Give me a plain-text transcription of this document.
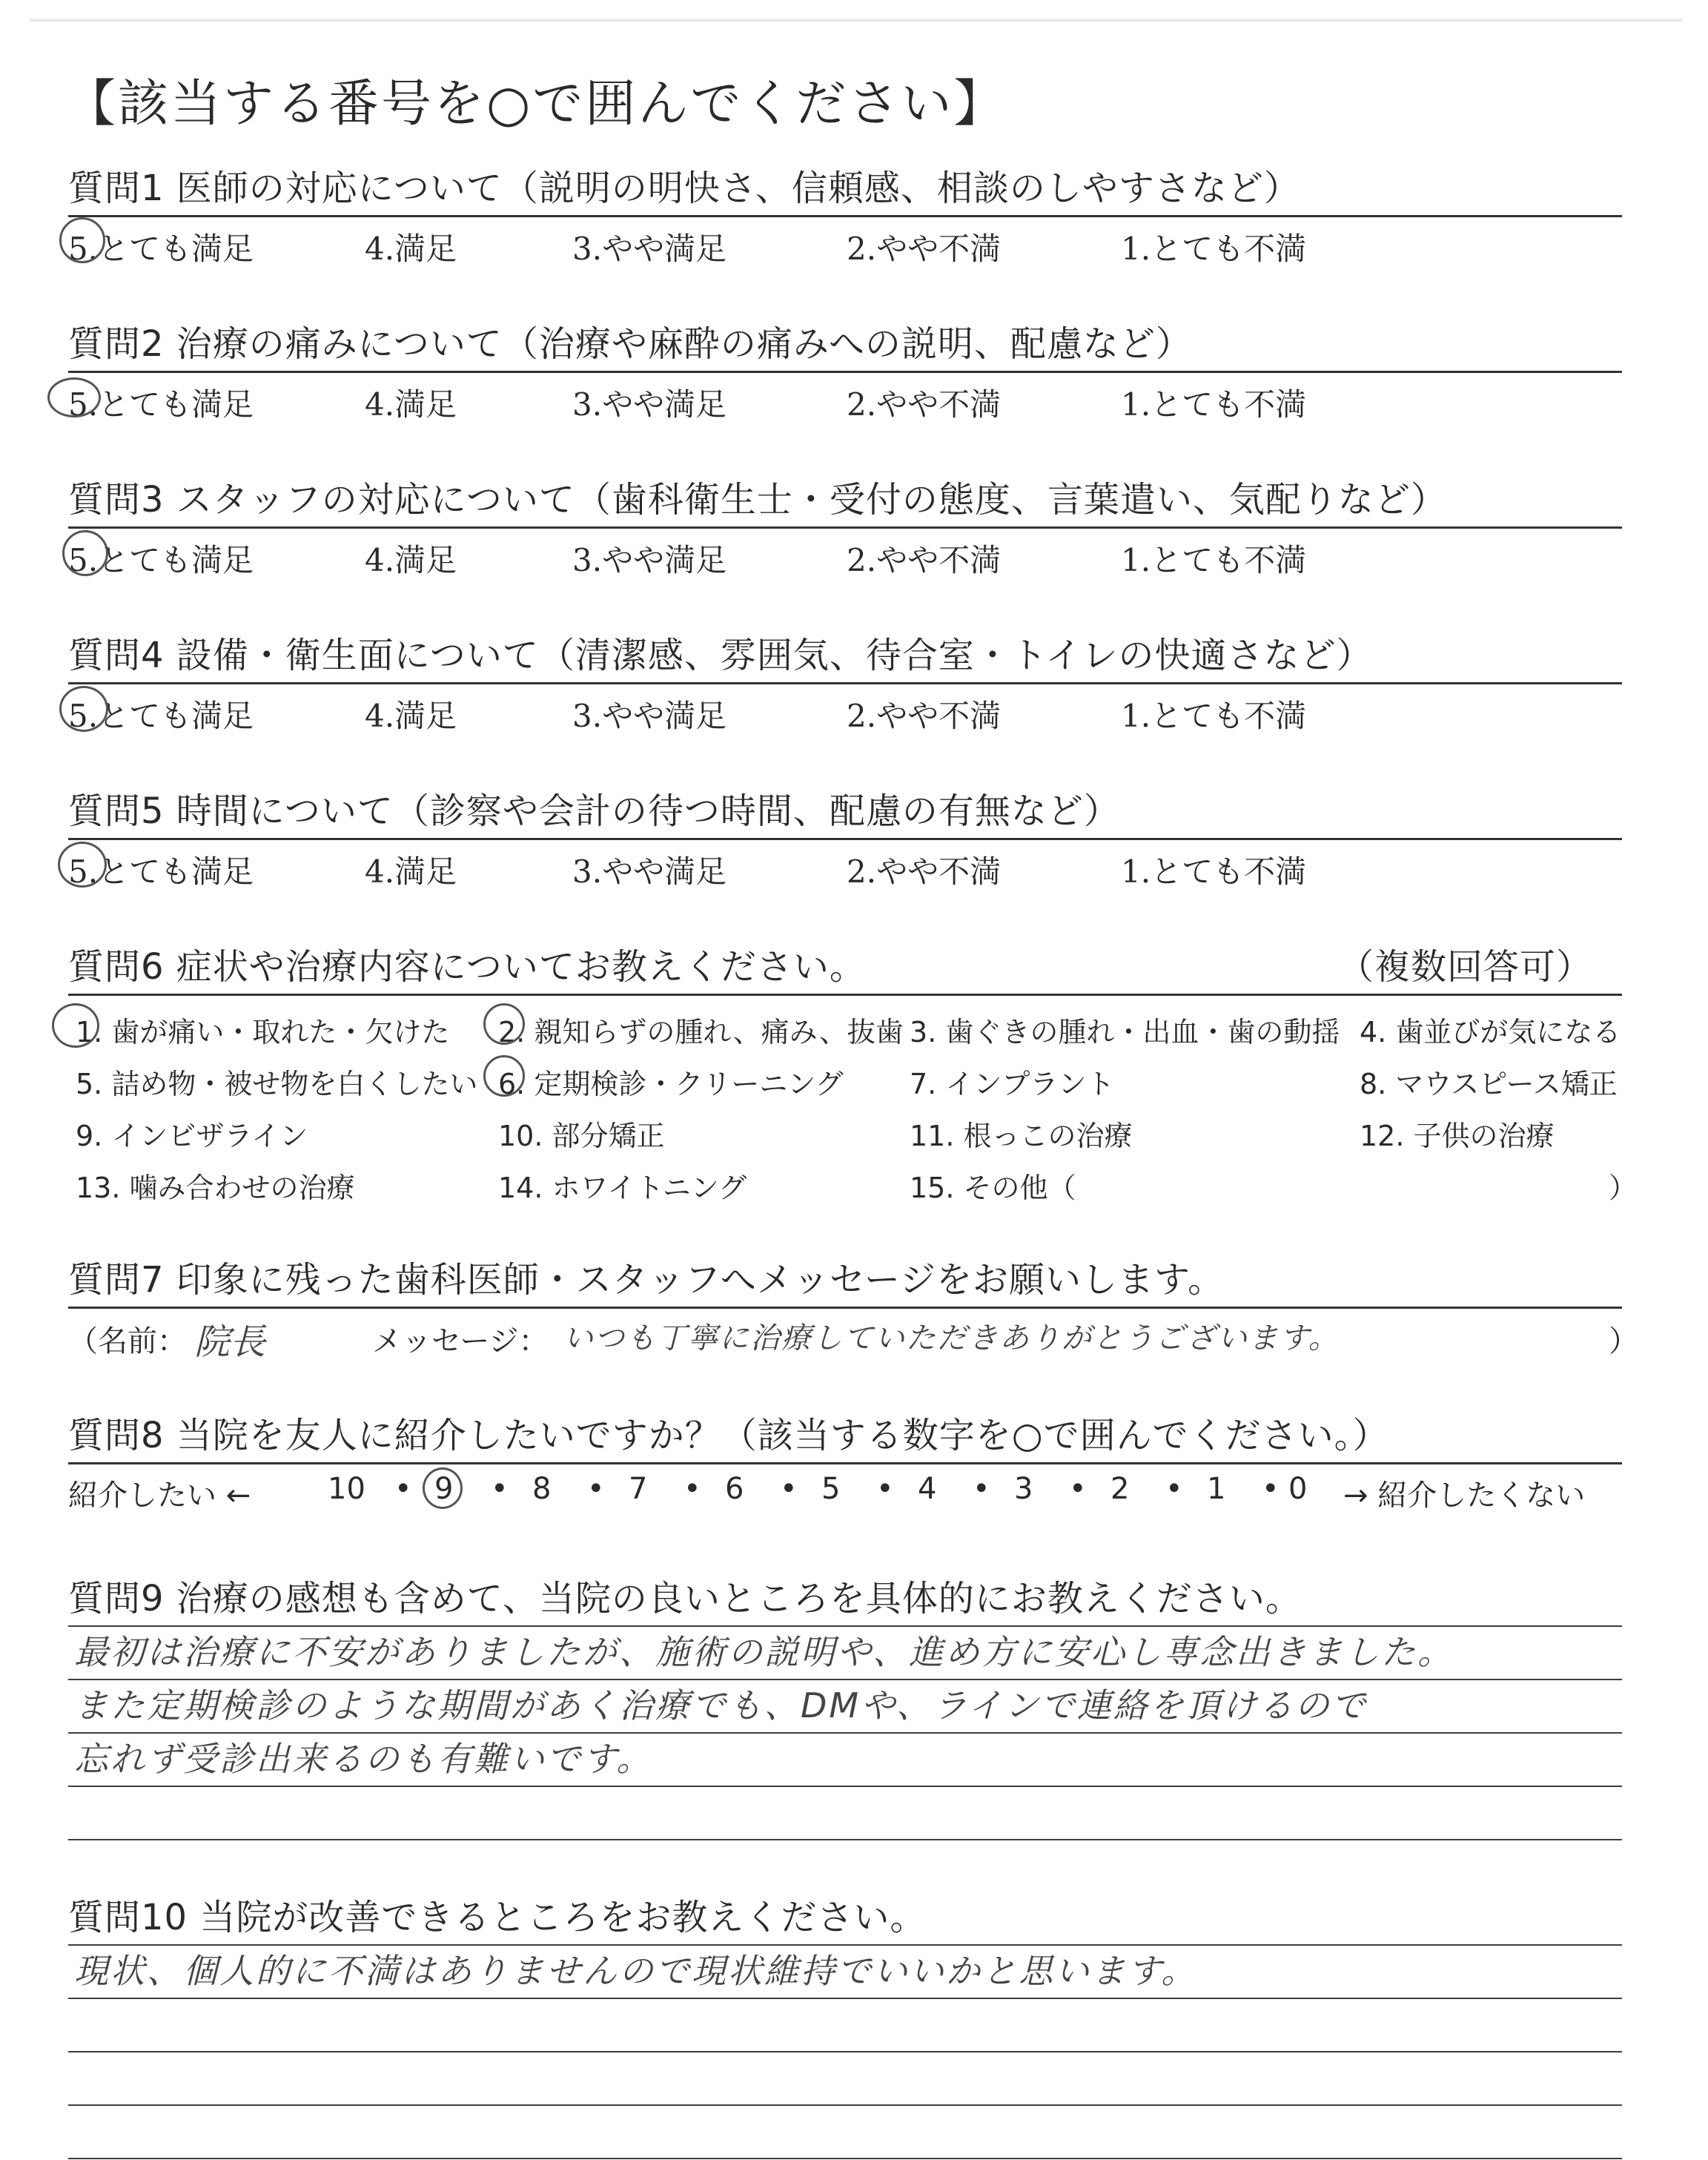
【該当する番号を○で囲んでください】
質問1 医師の対応について（説明の明快さ、信頼感、相談のしやすさなど）
5.とても満足	4.満足	3.やや満足	2.やや不満	1.とても不満
質問2 治療の痛みについて（治療や麻酔の痛みへの説明、配慮など）
5.とても満足	4.満足	3.やや満足	2.やや不満	1.とても不満
質問3 スタッフの対応について（歯科衛生士・受付の態度、言葉遣い、気配りなど）
5.とても満足	4.満足	3.やや満足	2.やや不満	1.とても不満
質問4 設備・衛生面について（清潔感、雰囲気、待合室・トイレの快適さなど）
5.とても満足	4.満足	3.やや満足	2.やや不満	1.とても不満
質問5 時間について（診察や会計の待つ時間、配慮の有無など）
5.とても満足	4.満足	3.やや満足	2.やや不満	1.とても不満
質問6 症状や治療内容についてお教えください。	（複数回答可）
1. 歯が痛い・取れた・欠けた 2. 親知らずの腫れ、痛み、抜歯 3. 歯ぐきの腫れ・出血・歯の動揺 4. 歯並びが気になる
5. 詰め物・被せ物を白くしたい 6. 定期検診・クリーニング 7. インプラント	8. マウスピース矯正
9. インビザライン	10. 部分矯正	11. 根っこの治療	12. 子供の治療
13. 噛み合わせの治療	14. ホワイトニング	15. その他（	）
質問7 印象に残った歯科医師・スタッフへメッセージをお願いします。
（名前： 院長	メッセージ： いつも丁寧に治療していただきありがとうございます。	）
質問8 当院を友人に紹介したいですか？（該当する数字を○で囲んでください。）
紹介したい ←	10 • 9 • 8 • 7 • 6 • 5 • 4 • 3 • 2 • 1 • 0 → 紹介したくない
質問9 治療の感想も含めて、当院の良いところを具体的にお教えください。
最初は治療に不安がありましたが、施術の説明や、進め方に安心し専念出きました。
また定期検診のような期間があく治療でも、DMや、ラインで連絡を頂けるので
忘れず受診出来るのも有難いです。
質問10 当院が改善できるところをお教えください。
現状、個人的に不満はありませんので現状維持でいいかと思います。
